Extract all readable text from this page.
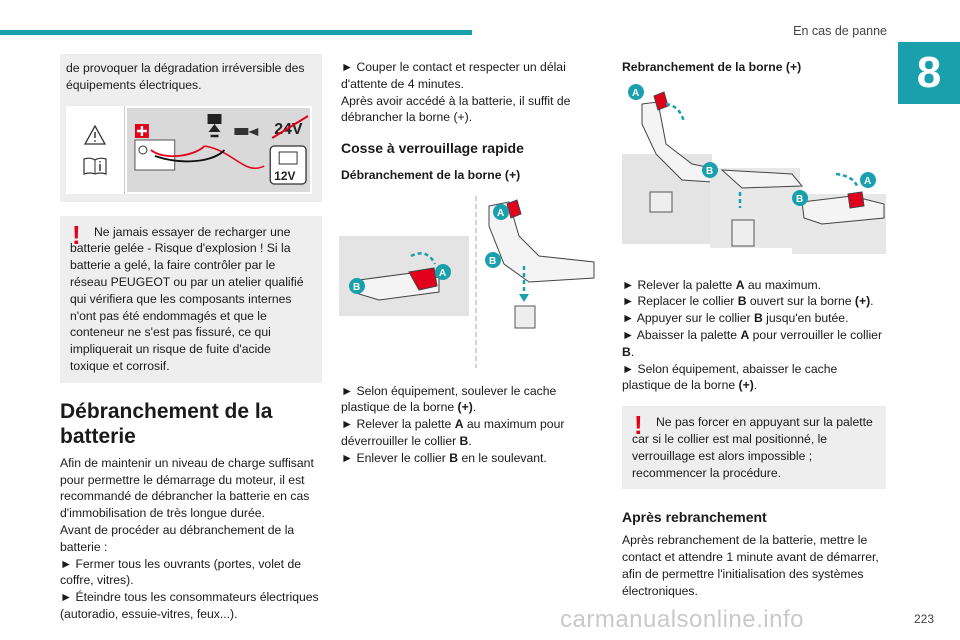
En cas de panne
8

de provoquer la dégradation irréversible des équipements électriques.

24V
12V
!	Ne jamais essayer de recharger une batterie gelée - Risque d'explosion ! Si la batterie a gelé, la faire contrôler par le réseau PEUGEOT ou par un atelier qualifié qui vérifiera que les composants internes n'ont pas été endommagés et que le conteneur ne s'est pas fissuré, ce qui impliquerait un risque de fuite d'acide toxique et corrosif.

Débranchement de la batterie

Afin de maintenir un niveau de charge suffisant pour permettre le démarrage du moteur, il est recommandé de débrancher la batterie en cas d'immobilisation de très longue durée.

Avant de procéder au débranchement de la batterie :

► Fermer tous les ouvrants (portes, volet de coffre, vitres).

► Éteindre tous les consommateurs électriques (autoradio, essuie-vitres, feux...).

► Couper le contact et respecter un délai d'attente de 4 minutes.

Après avoir accédé à la batterie, il suffit de débrancher la borne (+).

Cosse à verrouillage rapide
Débranchement de la borne (+)
B
A
A
B

► Selon équipement, soulever le cache plastique de la borne (+).

► Relever la palette A au maximum pour déverrouiller le collier B.

► Enlever le collier B en le soulevant.

Rebranchement de la borne (+)
A
B
B
A

► Relever la palette A au maximum.

► Replacer le collier B ouvert sur la borne (+).

► Appuyer sur le collier B jusqu'en butée.

► Abaisser la palette A pour verrouiller le collier B.

► Selon équipement, abaisser le cache plastique de la borne (+).

!	Ne pas forcer en appuyant sur la palette car si le collier est mal positionné, le verrouillage est alors impossible ; recommencer la procédure.

Après rebranchement

Après rebranchement de la batterie, mettre le contact et attendre 1 minute avant de démarrer, afin de permettre l'initialisation des systèmes électroniques.

carmanualsonline.info	223
